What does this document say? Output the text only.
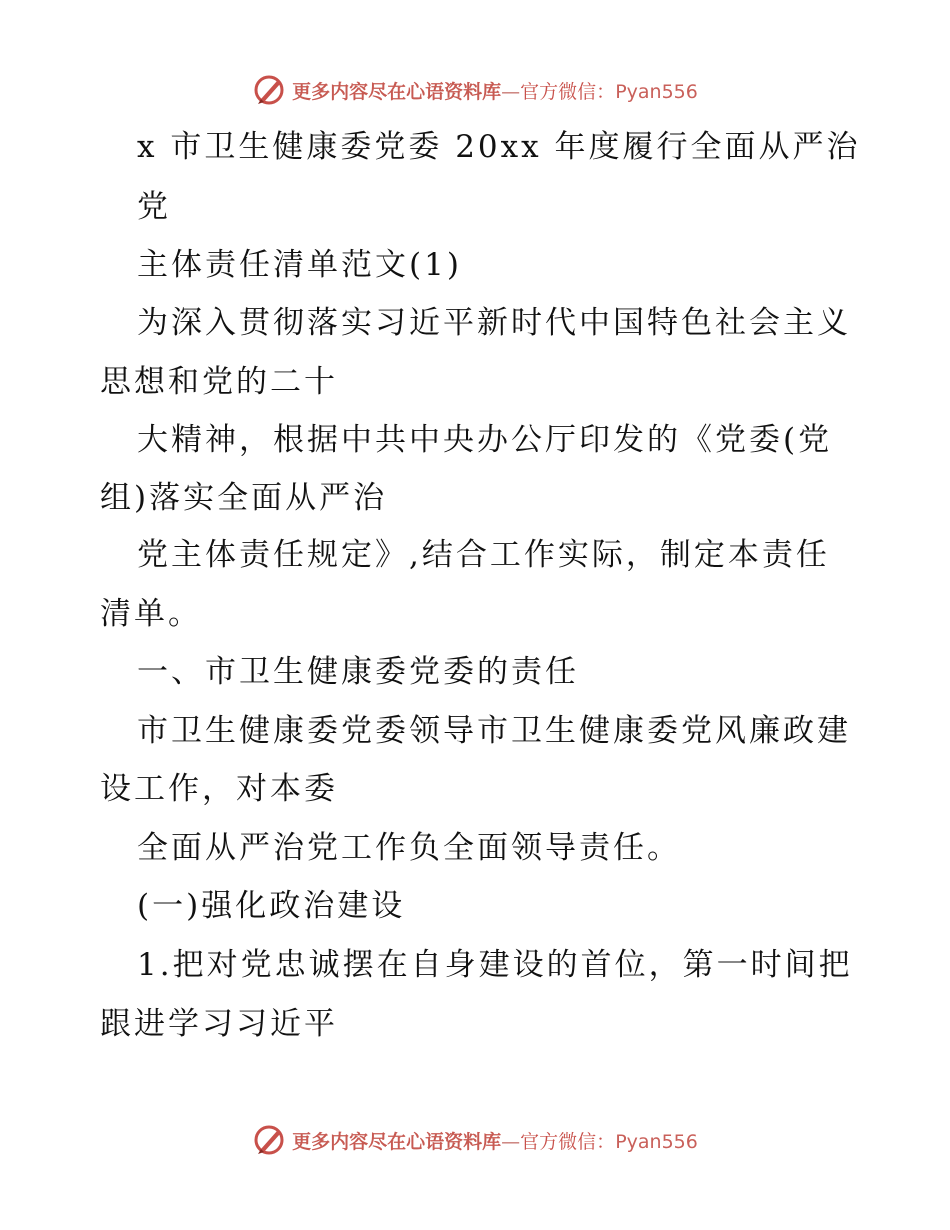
更多内容尽在心语资料库—官方微信：Pyan556
x 市卫生健康委党委 20xx 年度履行全面从严治
党
主体责任清单范文(1)
为深入贯彻落实习近平新时代中国特色社会主义
思想和党的二十
大精神，根据中共中央办公厅印发的《党委(党
组)落实全面从严治
党主体责任规定》,结合工作实际，制定本责任
清单。
一、市卫生健康委党委的责任
市卫生健康委党委领导市卫生健康委党风廉政建
设工作，对本委
全面从严治党工作负全面领导责任。
(一)强化政治建设
1.把对党忠诚摆在自身建设的首位，第一时间把
跟进学习习近平
更多内容尽在心语资料库—官方微信：Pyan556
